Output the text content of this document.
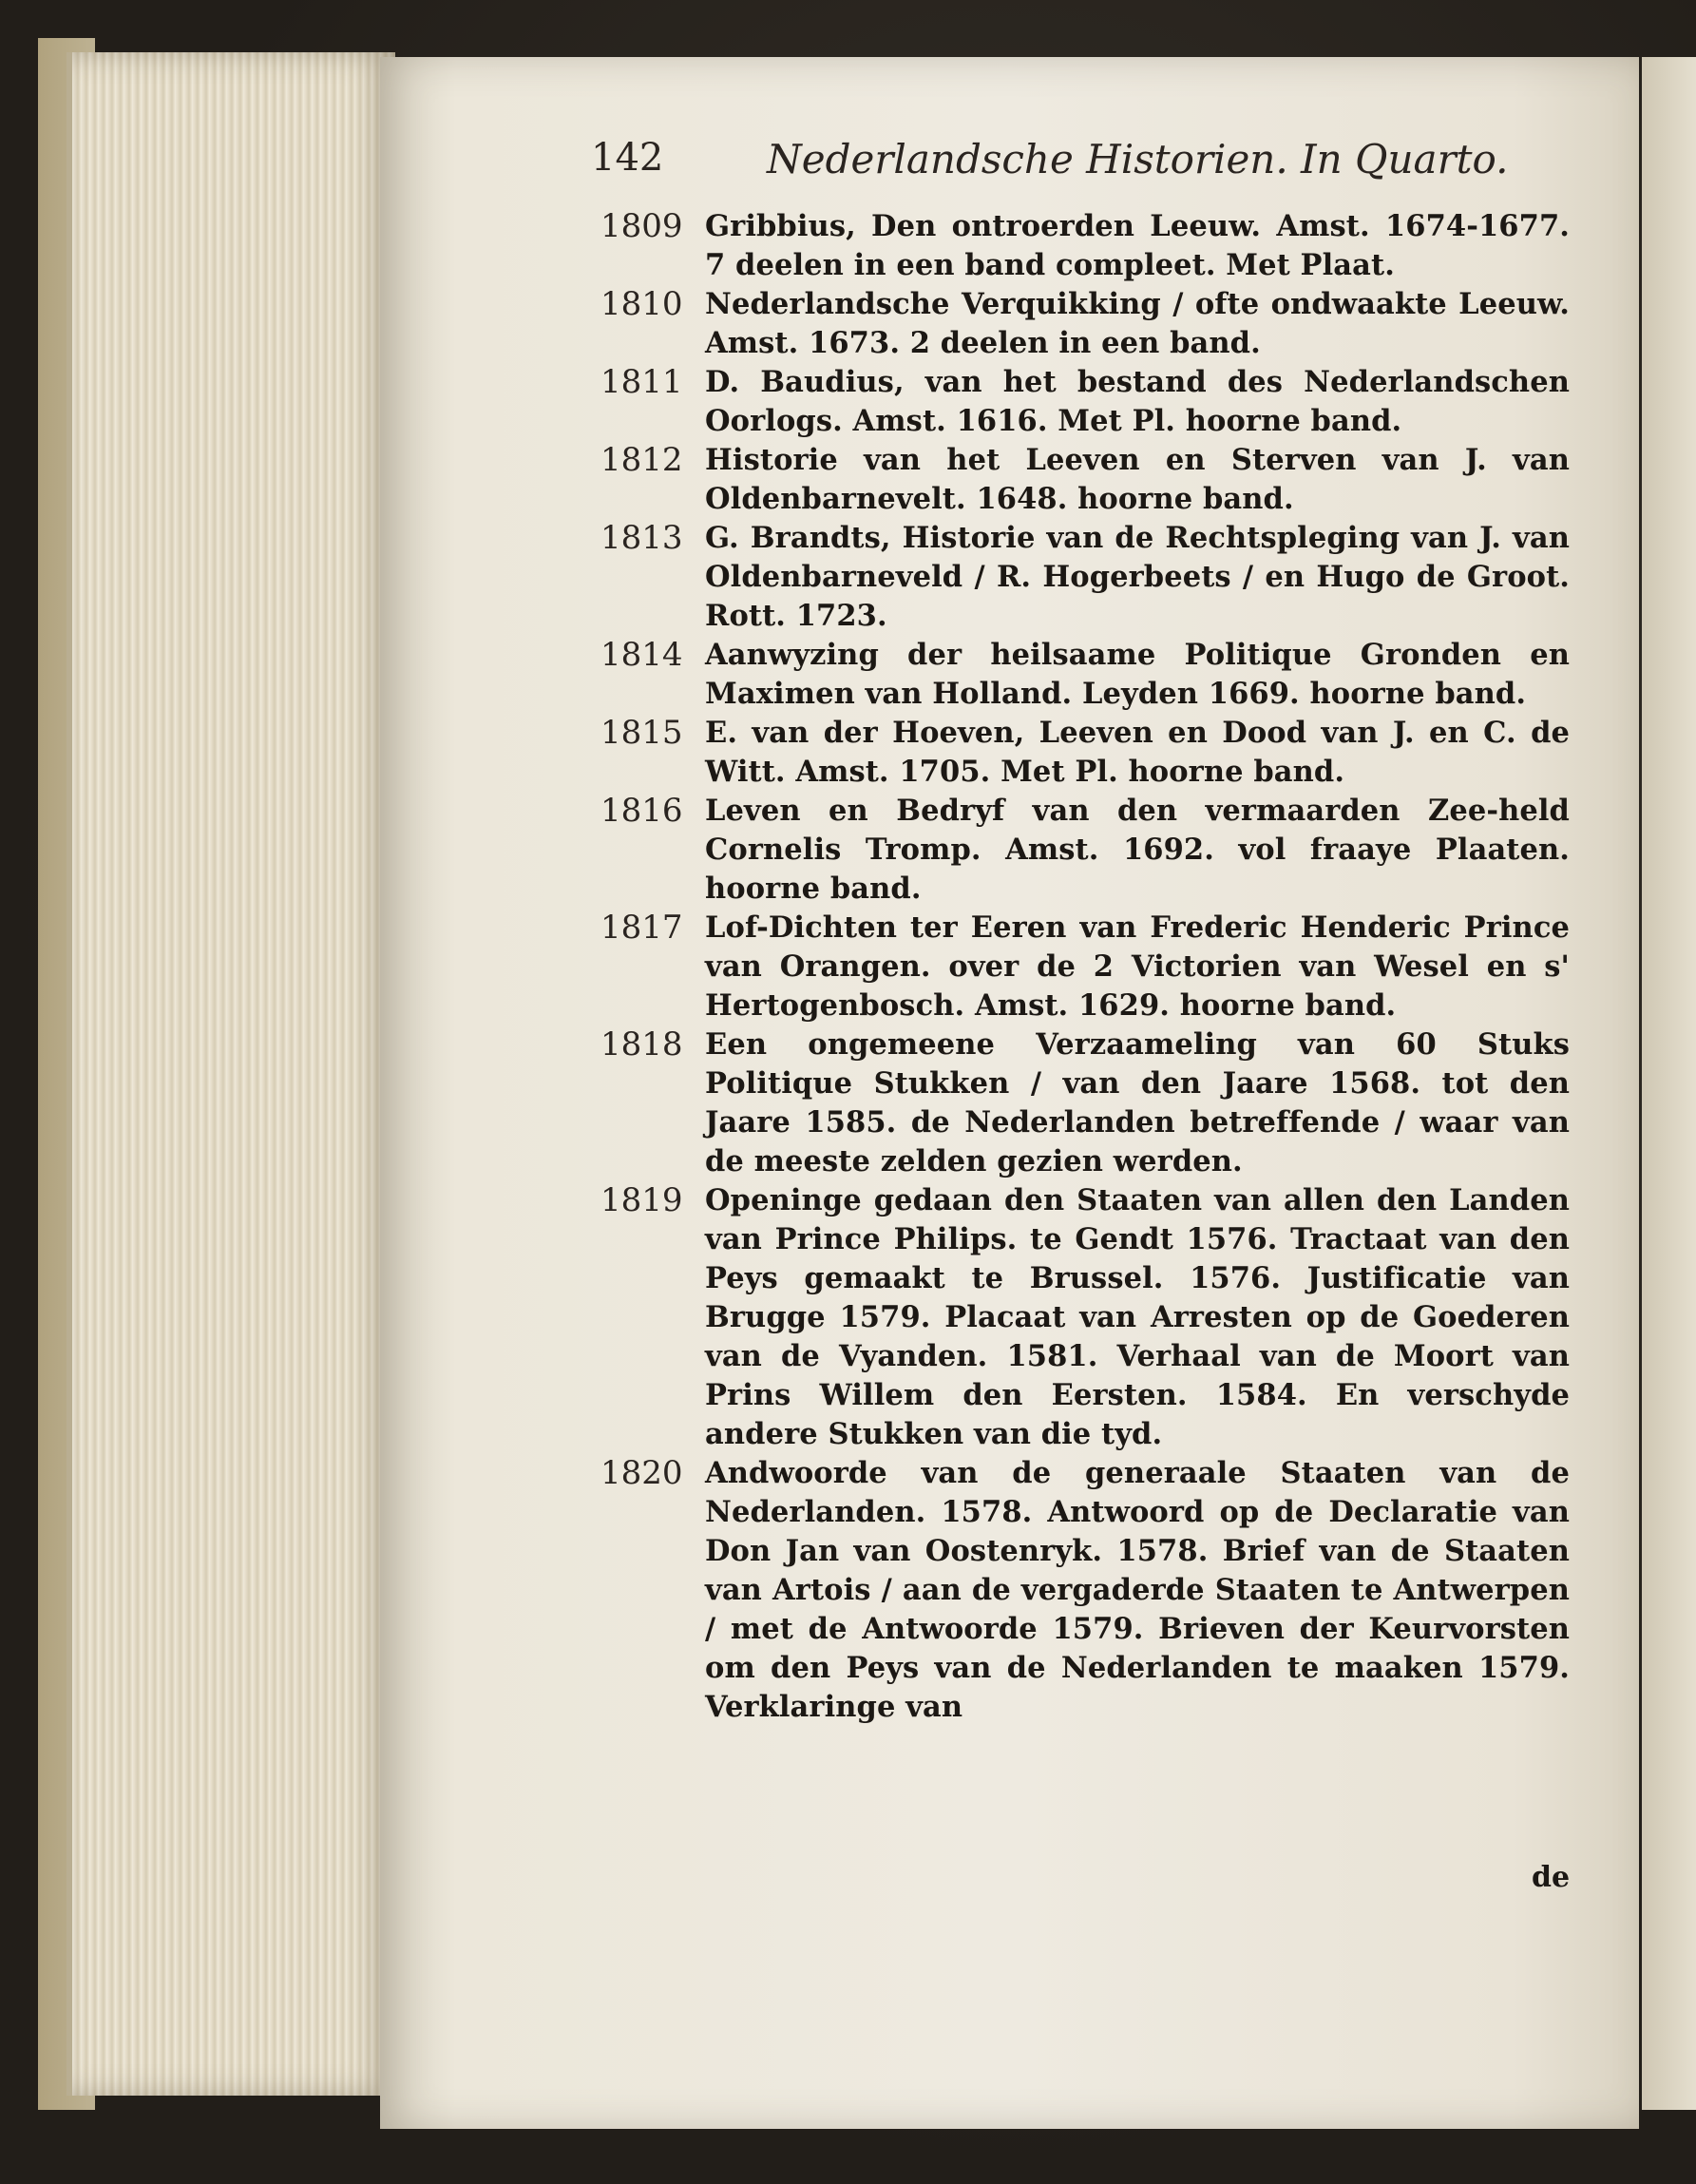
142	Nederlandsche Historien. In Quarto.
1809 Gribbius, Den ontroerden Leeuw. Amst. 1674-1677. 7 deelen in een band compleet. Met Plaat.
1810 Nederlandsche Verquikking / ofte ondwaakte Leeuw. Amst. 1673. 2 deelen in een band.
1811 D. Baudius, van het bestand des Nederlandschen Oorlogs. Amst. 1616. Met Pl. hoorne band.
1812 Historie van het Leeven en Sterven van J. van Oldenbarnevelt. 1648. hoorne band.
1813 G. Brandts, Historie van de Rechtspleging van J. van Oldenbarneveld / R. Hogerbeets / en Hugo de Groot. Rott. 1723.
1814 Aanwyzing der heilsaame Politique Gronden en Maximen van Holland. Leyden 1669. hoorne band.
1815 E. van der Hoeven, Leeven en Dood van J. en C. de Witt. Amst. 1705. Met Pl. hoorne band.
1816 Leven en Bedryf van den vermaarden Zee-held Cornelis Tromp. Amst. 1692. vol fraaye Plaaten. hoorne band.
1817 Lof-Dichten ter Eeren van Frederic Henderic Prince van Orangen. over de 2 Victorien van Wesel en s' Hertogenbosch. Amst. 1629. hoorne band.
1818 Een ongemeene Verzaameling van 60 Stuks Politique Stukken / van den Jaare 1568. tot den Jaare 1585. de Nederlanden betreffende / waar van de meeste zelden gezien werden.
1819 Openinge gedaan den Staaten van allen den Landen van Prince Philips. te Gendt 1576. Tractaat van den Peys gemaakt te Brussel. 1576. Justificatie van Brugge 1579. Placaat van Arresten op de Goederen van de Vyanden. 1581. Verhaal van de Moort van Prins Willem den Eersten. 1584. En verschyde andere Stukken van die tyd.
1820 Andwoorde van de generaale Staaten van de Nederlanden. 1578. Antwoord op de Declaratie van Don Jan van Oostenryk. 1578. Brief van de Staaten van Artois / aan de vergaderde Staaten te Antwerpen / met de Antwoorde 1579. Brieven der Keurvorsten om den Peys van de Nederlanden te maaken 1579. Verklaringe van
de
